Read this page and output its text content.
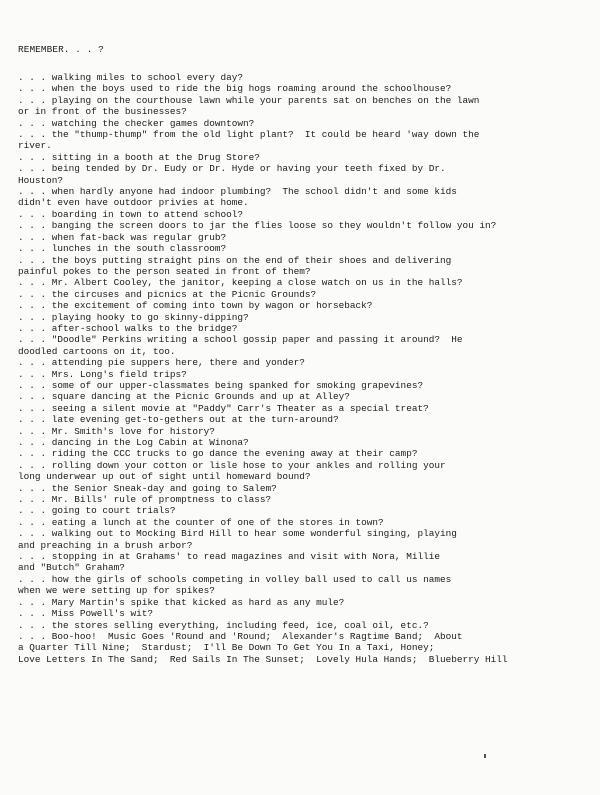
REMEMBER. . . ?
. . . walking miles to school every day?
. . . when the boys used to ride the big hogs roaming around the schoolhouse?
. . . playing on the courthouse lawn while your parents sat on benches on the lawn
or in front of the businesses?
. . . watching the checker games downtown?
. . . the "thump-thump" from the old light plant?  It could be heard 'way down the
river.
. . . sitting in a booth at the Drug Store?
. . . being tended by Dr. Eudy or Dr. Hyde or having your teeth fixed by Dr.
Houston?
. . . when hardly anyone had indoor plumbing?  The school didn't and some kids
didn't even have outdoor privies at home.
. . . boarding in town to attend school?
. . . banging the screen doors to jar the flies loose so they wouldn't follow you in?
. . . when fat-back was regular grub?
. . . lunches in the south classroom?
. . . the boys putting straight pins on the end of their shoes and delivering
painful pokes to the person seated in front of them?
. . . Mr. Albert Cooley, the janitor, keeping a close watch on us in the halls?
. . . the circuses and picnics at the Picnic Grounds?
. . . the excitement of coming into town by wagon or horseback?
. . . playing hooky to go skinny-dipping?
. . . after-school walks to the bridge?
. . . "Doodle" Perkins writing a school gossip paper and passing it around?  He
doodled cartoons on it, too.
. . . attending pie suppers here, there and yonder?
. . . Mrs. Long's field trips?
. . . some of our upper-classmates being spanked for smoking grapevines?
. . . square dancing at the Picnic Grounds and up at Alley?
. . . seeing a silent movie at "Paddy" Carr's Theater as a special treat?
. . . late evening get-to-gethers out at the turn-around?
. . . Mr. Smith's love for history?
. . . dancing in the Log Cabin at Winona?
. . . riding the CCC trucks to go dance the evening away at their camp?
. . . rolling down your cotton or lisle hose to your ankles and rolling your
long underwear up out of sight until homeward bound?
. . . the Senior Sneak-day and going to Salem?
. . . Mr. Bills' rule of promptness to class?
. . . going to court trials?
. . . eating a lunch at the counter of one of the stores in town?
. . . walking out to Mocking Bird Hill to hear some wonderful singing, playing
and preaching in a brush arbor?
. . . stopping in at Grahams' to read magazines and visit with Nora, Millie
and "Butch" Graham?
. . . how the girls of schools competing in volley ball used to call us names
when we were setting up for spikes?
. . . Mary Martin's spike that kicked as hard as any mule?
. . . Miss Powell's wit?
. . . the stores selling everything, including feed, ice, coal oil, etc.?
. . . Boo-hoo!  Music Goes 'Round and 'Round;  Alexander's Ragtime Band;  About
a Quarter Till Nine;  Stardust;  I'll Be Down To Get You In a Taxi, Honey;
Love Letters In The Sand;  Red Sails In The Sunset;  Lovely Hula Hands;  Blueberry Hill
